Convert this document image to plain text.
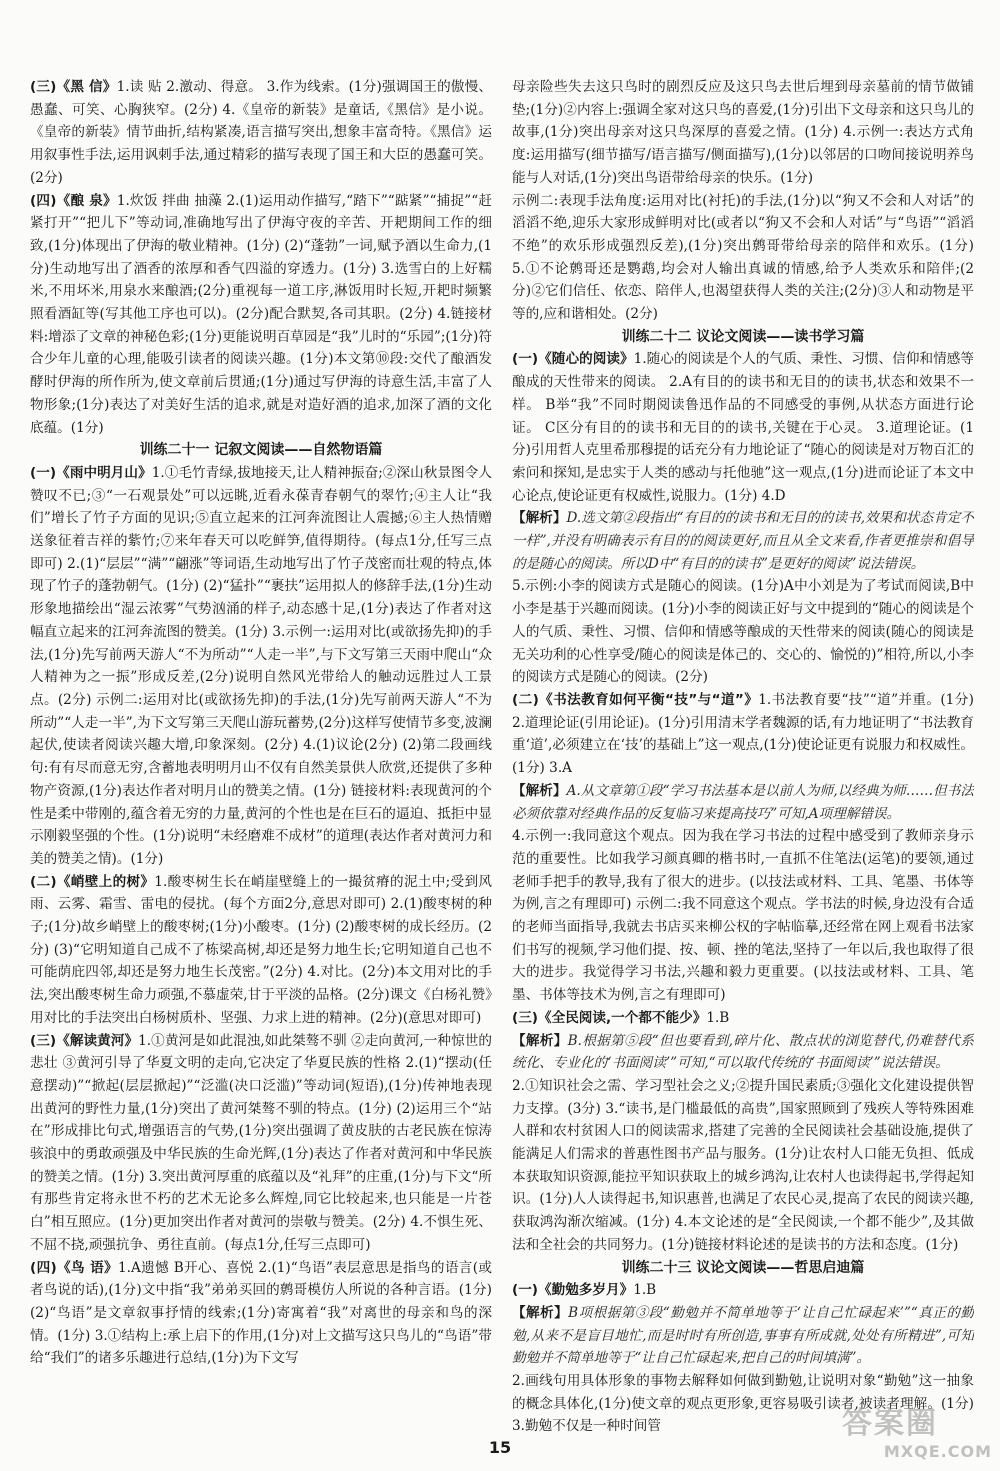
(三)《黑 信》1.读 贴 2.激动、得意。 3.作为线索。(1分)强调国王的傲慢、愚蠢、可笑、心胸狭窄。(2分) 4.《皇帝的新装》是童话,《黑信》是小说。《皇帝的新装》情节曲折,结构紧凑,语言描写突出,想象丰富奇特。《黑信》运用叙事性手法,运用讽刺手法,通过精彩的描写表现了国王和大臣的愚蠢可笑。(2分)

(四)《酿 泉》1.炊饭 拌曲 抽藻 2.(1)运用动作描写,“踏下”“踮紧”“捕捉”“赶紧打开”“把儿下”等动词,准确地写出了伊海守夜的辛苦、开耙期间工作的细致,(1分)体现出了伊海的敬业精神。(1分) (2)“蓬勃”一词,赋予酒以生命力,(1分)生动地写出了酒香的浓厚和香气四溢的穿透力。(1分) 3.选雪白的上好糯米,不用坏米,用泉水来酿酒;(2分)重视每一道工序,淋饭用时长短,开耙时频繁照看酒缸等(写其他工序也可以)。(2分)配合默契,各司其职。(2分) 4.链接材料:增添了文章的神秘色彩;(1分)更能说明百草园是“我”儿时的“乐园”;(1分)符合少年儿童的心理,能吸引读者的阅读兴趣。(1分)本文第⑩段:交代了酿酒发酵时伊海的所作所为,使文章前后贯通;(1分)通过写伊海的诗意生活,丰富了人物形象;(1分)表达了对美好生活的追求,就是对造好酒的追求,加深了酒的文化底蕴。(1分)

训练二十一 记叙文阅读——自然物语篇

(一)《雨中明月山》1.①毛竹青绿,拔地接天,让人精神振奋;②深山秋景图令人赞叹不已;③“一石观景处”可以远眺,近看永葆青春朝气的翠竹;④主人让“我们”增长了竹子方面的见识;⑤直立起来的江河奔流图让人震撼;⑥主人热情赠送象征着吉祥的紫竹;⑦来年春天可以吃鲜笋,值得期待。(每点1分,任写三点即可) 2.(1)“层层”“满”“翩涨”等词语,生动地写出了竹子茂密而壮观的特点,体现了竹子的蓬勃朝气。(1分) (2)“猛扑”“裹扶”运用拟人的修辞手法,(1分)生动形象地描绘出“湿云浓雾”气势汹涌的样子,动态感十足,(1分)表达了作者对这幅直立起来的江河奔流图的赞美。(1分) 3.示例一:运用对比(或欲扬先抑)的手法,(1分)先写前两天游人“不为所动”“人走一半”,与下文写第三天雨中爬山“众人精神为之一振”形成反差,(2分)说明自然风光带给人的触动远胜过人工景点。(2分) 示例二:运用对比(或欲扬先抑)的手法,(1分)先写前两天游人“不为所动”“人走一半”,为下文写第三天爬山游玩蓄势,(2分)这样写使情节多变,波澜起伏,使读者阅读兴趣大增,印象深刻。(2分) 4.(1)议论(2分) (2)第二段画线句:有有尽而意无穷,含蓄地表明明月山不仅有自然美景供人欣赏,还提供了多种物产资源,(1分)表达作者对明月山的赞美之情。(1分) 链接材料:表现黄河的个性是柔中带刚的,蕴含着无穷的力量,黄河的个性也是在巨石的逼迫、抵拒中显示刚毅坚强的个性。(1分)说明“未经磨难不成材”的道理(表达作者对黄河力和美的赞美之情)。(1分)

(二)《峭壁上的树》1.酸枣树生长在峭崖壁缝上的一撮贫瘠的泥土中;受到风雨、云雾、霜雪、雷电的侵扰。(每个方面2分,意思对即可) 2.(1)酸枣树的种子;(1分)故乡峭壁上的酸枣树;(1分)小酸枣。(1分) (2)酸枣树的成长经历。(2分) (3)“它明知道自己成不了栋梁高树,却还是努力地生长;它明知道自己也不可能荫庇四邻,却还是努力地生长茂密。”(2分) 4.对比。(2分)本文用对比的手法,突出酸枣树生命力顽强,不慕虚荣,甘于平淡的品格。(2分)课文《白杨礼赞》用对比的手法突出白杨树质朴、坚强、力求上进的精神。(2分)(意思对即可)

(三)《解读黄河》1.①黄河是如此混浊,如此桀骜不驯 ②走向黄河,一种惊世的悲壮 ③黄河引导了华夏文明的走向,它决定了华夏民族的性格 2.(1)“摆动(任意摆动)”“掀起(层层掀起)”“泛滥(决口泛滥)”等动词(短语),(1分)传神地表现出黄河的野性力量,(1分)突出了黄河桀骜不驯的特点。(1分) (2)运用三个“站在”形成排比句式,增强语言的气势,(1分)突出强调了黄皮肤的古老民族在惊涛骇浪中的勇敢顽强及中华民族的生命光辉,(1分)表达了作者对黄河和中华民族的赞美之情。(1分) 3.突出黄河厚重的底蕴以及“礼拜”的庄重,(1分)与下文“所有那些肯定将永世不朽的艺术无论多么辉煌,同它比较起来,也只能是一片苍白”相互照应。(1分)更加突出作者对黄河的崇敬与赞美。(2分) 4.不惧生死、不屈不挠,顽强抗争、勇往直前。(每点1分,任写三点即可)

(四)《鸟 语》1.A遗憾 B开心、喜悦 2.(1)“鸟语”表层意思是指鸟的语言(或者鸟说的话),(1分)文中指“我”弟弟买回的鹩哥模仿人所说的各种言语。(1分) (2)“鸟语”是文章叙事抒情的线索;(1分)寄寓着“我”对离世的母亲和鸟的深情。(1分) 3.①结构上:承上启下的作用,(1分)对上文描写这只鸟儿的“鸟语”带给“我们”的诸多乐趣进行总结,(1分)为下文写

母亲险些失去这只鸟时的剧烈反应及这只鸟去世后埋到母亲墓前的情节做铺垫;(1分)②内容上:强调全家对这只鸟的喜爱,(1分)引出下文母亲和这只鸟儿的故事,(1分)突出母亲对这只鸟深厚的喜爱之情。(1分) 4.示例一:表达方式角度:运用描写(细节描写/语言描写/侧面描写),(1分)以邻居的口吻间接说明养鸟能与人对话,(1分)突出鸟语带给母亲的快乐。(1分)

示例二:表现手法角度:运用对比(衬托)的手法,(1分)以“狗又不会和人对话”的滔滔不绝,迎乐大家形成鲜明对比(或者以“狗又不会和人对话”与“鸟语”“滔滔不绝”的欢乐形成强烈反差),(1分)突出鹩哥带给母亲的陪伴和欢乐。(1分) 5.①不论鹩哥还是鹦鹉,均会对人输出真诚的情感,给予人类欢乐和陪伴;(2分)②它们信任、依恋、陪伴人,也渴望获得人类的关注;(2分)③人和动物是平等的,应和谐相处。(2分)

训练二十二 议论文阅读——读书学习篇

(一)《随心的阅读》1.随心的阅读是个人的气质、秉性、习惯、信仰和情感等酿成的天性带来的阅读。 2.A有目的的读书和无目的的读书,状态和效果不一样。 B举“我”不同时期阅读鲁迅作品的不同感受的事例,从状态方面进行论证。 C区分有目的的读书和无目的的读书,关键在于心灵。 3.道理论证。(1分)引用哲人克里希那穆提的话充分有力地论证了“随心的阅读是对万物百汇的索问和探知,是忠实于人类的感动与托他驰”这一观点,(1分)进而论证了本文中心论点,使论证更有权威性,说服力。(1分) 4.D

【解析】D.选文第②段指出“有目的的读书和无目的的读书,效果和状态肯定不一样”,并没有明确表示有目的的阅读更好,而且从全文来看,作者更推崇和倡导的是随心的阅读。所以D中“有目的的读书”是更好的阅读”说法错误。

5.示例:小李的阅读方式是随心的阅读。(1分)A中小刘是为了考试而阅读,B中小李是基于兴趣而阅读。(1分)小李的阅读正好与文中提到的“随心的阅读是个人的气质、秉性、习惯、信仰和情感等酿成的天性带来的阅读(随心的阅读是无关功利的心性享受/随心的阅读是体己的、交心的、愉悦的)”相符,所以,小李的阅读方式是随心的阅读。(2分)

(二)《书法教育如何平衡“技”与“道”》1.书法教育要“技”“道”并重。(1分) 2.道理论证(引用论证)。(1分)引用清末学者魏源的话,有力地证明了“书法教育重‘道’,必须建立在‘技’的基础上”这一观点,(1分)使论证更有说服力和权威性。(1分) 3.A

【解析】A.从文章第①段“学习书法基本是以前人为师,以经典为师……但书法必须依靠对经典作品的反复临习来提高技巧”可知,A项理解错误。

4.示例一:我同意这个观点。因为我在学习书法的过程中感受到了教师亲身示范的重要性。比如我学习颜真卿的楷书时,一直抓不住笔法(运笔)的要领,通过老师手把手的教导,我有了很大的进步。(以技法或材料、工具、笔墨、书体等为例,言之有理即可) 示例二:我不同意这个观点。学书法的时候,身边没有合适的老师当面指导,我就去书店买来柳公权的字帖临摹,还经常在网上观看书法家们书写的视频,学习他们提、按、顿、挫的笔法,坚持了一年以后,我也取得了很大的进步。我觉得学习书法,兴趣和毅力更重要。(以技法或材料、工具、笔墨、书体等技术为例,言之有理即可)

(三)《全民阅读,一个都不能少》1.B

【解析】B.根据第⑤段“但也要看到,碎片化、散点状的浏览替代,仍难替代系统化、专业化的‘书面阅读’”可知,“可以取代传统的‘书面阅读’”说法错误。

2.①知识社会之需、学习型社会之义;②提升国民素质;③强化文化建设提供智力支撑。(3分) 3.“读书,是门槛最低的高贵”,国家照顾到了残疾人等特殊困难人群和农村贫困人口的阅读需求,搭建了完善的全民阅读社会基础设施,提供了能满足人们需求的普惠性图书产品与服务。(1分)让农村人口能无负担、低成本获取知识资源,能拉平知识获取上的城乡鸿沟,让农村人也读得起书,学得起知识。(1分)人人读得起书,知识惠普,也满足了农民心灵,提高了农民的阅读兴趣,获取鸿沟渐次缩减。(1分) 4.本文论述的是“全民阅读,一个都不能少”,及其做法和全社会的共同努力。(1分)链接材料论述的是读书的方法和态度。(1分)

训练二十三 议论文阅读——哲思启迪篇

(一)《勤勉多岁月》1.B

【解析】B项根据第③段“勤勉并不简单地等于‘让自己忙碌起来’”“真正的勤勉,从来不是盲目地忙,而是时时有所创造,事事有所成就,处处有所精进”,可知勤勉并不简单地等于“让自己忙碌起来,把自己的时间填满”。

2.画线句用具体形象的事物去解释如何做到勤勉,让说明对象“勤勉”这一抽象的概念具体化,(1分)使文章的观点更形象,更容易吸引读者,被读者理解。(1分) 3.勤勉不仅是一种时间管

15
答案圈
MXQE.COM
